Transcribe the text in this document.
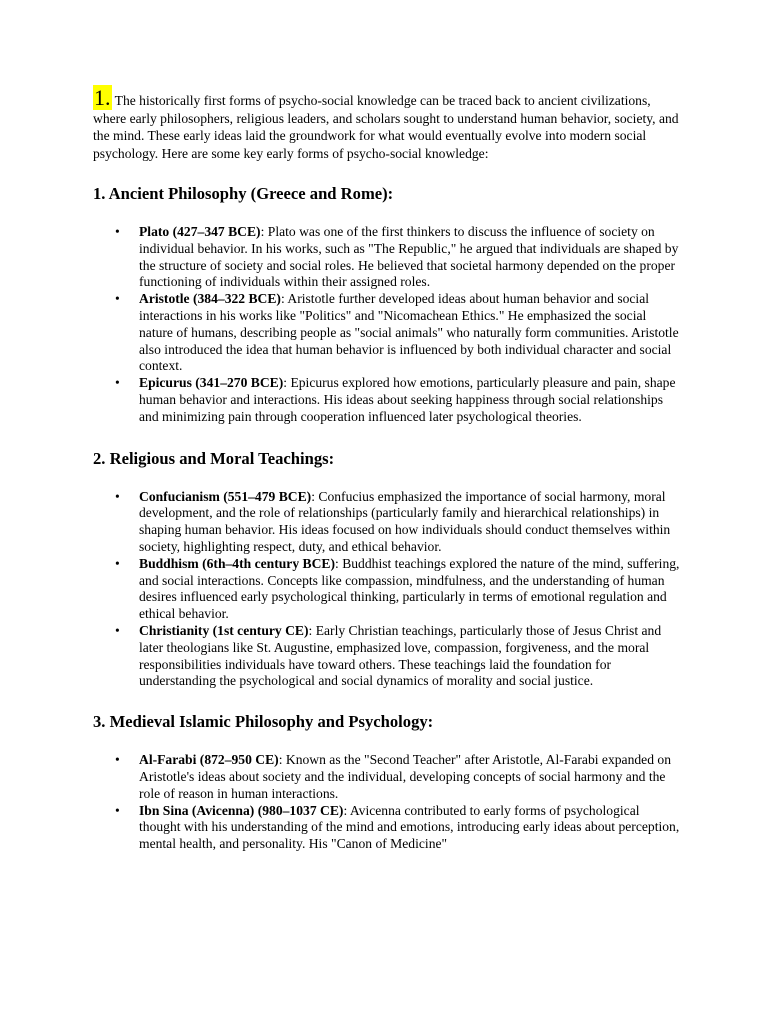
1. The historically first forms of psycho-social knowledge can be traced back to ancient civilizations, where early philosophers, religious leaders, and scholars sought to understand human behavior, society, and the mind. These early ideas laid the groundwork for what would eventually evolve into modern social psychology. Here are some key early forms of psycho-social knowledge:

1. Ancient Philosophy (Greece and Rome):
• Plato (427–347 BCE): Plato was one of the first thinkers to discuss the influence of society on individual behavior. In his works, such as "The Republic," he argued that individuals are shaped by the structure of society and social roles. He believed that societal harmony depended on the proper functioning of individuals within their assigned roles.
• Aristotle (384–322 BCE): Aristotle further developed ideas about human behavior and social interactions in his works like "Politics" and "Nicomachean Ethics." He emphasized the social nature of humans, describing people as "social animals" who naturally form communities. Aristotle also introduced the idea that human behavior is influenced by both individual character and social context.
• Epicurus (341–270 BCE): Epicurus explored how emotions, particularly pleasure and pain, shape human behavior and interactions. His ideas about seeking happiness through social relationships and minimizing pain through cooperation influenced later psychological theories.
2. Religious and Moral Teachings:
• Confucianism (551–479 BCE): Confucius emphasized the importance of social harmony, moral development, and the role of relationships (particularly family and hierarchical relationships) in shaping human behavior. His ideas focused on how individuals should conduct themselves within society, highlighting respect, duty, and ethical behavior.
• Buddhism (6th–4th century BCE): Buddhist teachings explored the nature of the mind, suffering, and social interactions. Concepts like compassion, mindfulness, and the understanding of human desires influenced early psychological thinking, particularly in terms of emotional regulation and ethical behavior.
• Christianity (1st century CE): Early Christian teachings, particularly those of Jesus Christ and later theologians like St. Augustine, emphasized love, compassion, forgiveness, and the moral responsibilities individuals have toward others. These teachings laid the foundation for understanding the psychological and social dynamics of morality and social justice.
3. Medieval Islamic Philosophy and Psychology:
• Al-Farabi (872–950 CE): Known as the "Second Teacher" after Aristotle, Al-Farabi expanded on Aristotle's ideas about society and the individual, developing concepts of social harmony and the role of reason in human interactions.
• Ibn Sina (Avicenna) (980–1037 CE): Avicenna contributed to early forms of psychological thought with his understanding of the mind and emotions, introducing early ideas about perception, mental health, and personality. His "Canon of Medicine"
